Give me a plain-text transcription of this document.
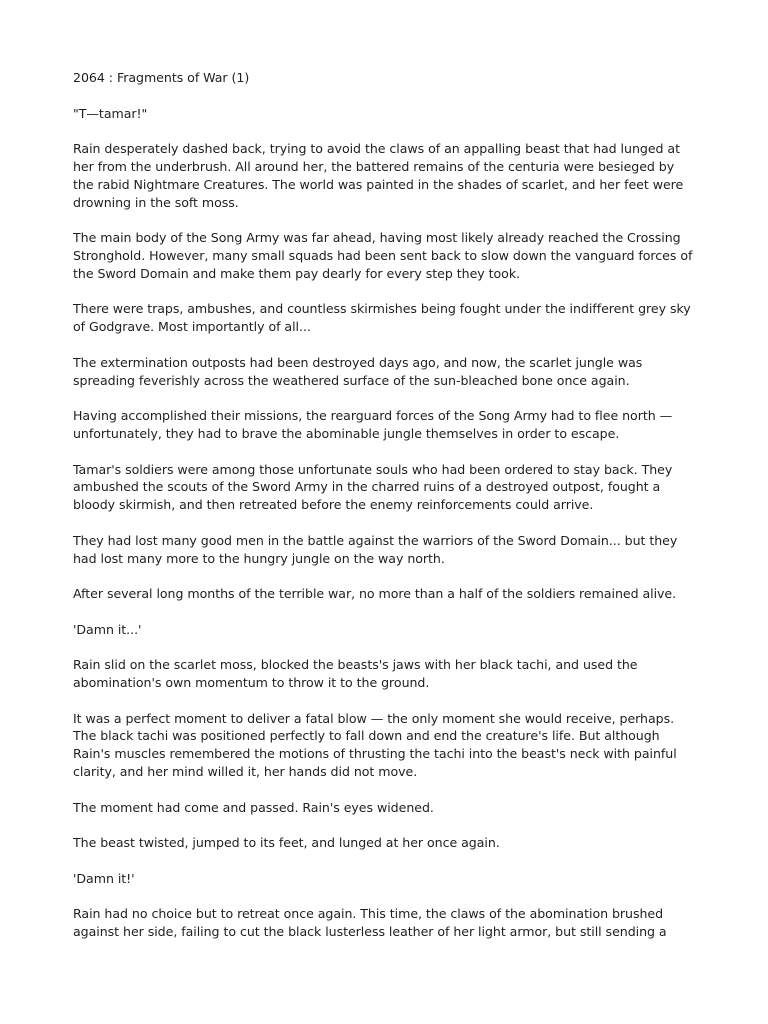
2064 : Fragments of War (1)

"T—tamar!"

Rain desperately dashed back, trying to avoid the claws of an appalling beast that had lunged at her from the underbrush. All around her, the battered remains of the centuria were besieged by the rabid Nightmare Creatures. The world was painted in the shades of scarlet, and her feet were drowning in the soft moss.

The main body of the Song Army was far ahead, having most likely already reached the Crossing Stronghold. However, many small squads had been sent back to slow down the vanguard forces of the Sword Domain and make them pay dearly for every step they took.

There were traps, ambushes, and countless skirmishes being fought under the indifferent grey sky of Godgrave. Most importantly of all...

The extermination outposts had been destroyed days ago, and now, the scarlet jungle was spreading feverishly across the weathered surface of the sun-bleached bone once again.

Having accomplished their missions, the rearguard forces of the Song Army had to flee north — unfortunately, they had to brave the abominable jungle themselves in order to escape.

Tamar's soldiers were among those unfortunate souls who had been ordered to stay back. They ambushed the scouts of the Sword Army in the charred ruins of a destroyed outpost, fought a bloody skirmish, and then retreated before the enemy reinforcements could arrive.

They had lost many good men in the battle against the warriors of the Sword Domain... but they had lost many more to the hungry jungle on the way north.

After several long months of the terrible war, no more than a half of the soldiers remained alive.

'Damn it...'

Rain slid on the scarlet moss, blocked the beasts's jaws with her black tachi, and used the abomination's own momentum to throw it to the ground.

It was a perfect moment to deliver a fatal blow — the only moment she would receive, perhaps. The black tachi was positioned perfectly to fall down and end the creature's life. But although Rain's muscles remembered the motions of thrusting the tachi into the beast's neck with painful clarity, and her mind willed it, her hands did not move.

The moment had come and passed. Rain's eyes widened.

The beast twisted, jumped to its feet, and lunged at her once again.

'Damn it!'

Rain had no choice but to retreat once again. This time, the claws of the abomination brushed against her side, failing to cut the black lusterless leather of her light armor, but still sending a
